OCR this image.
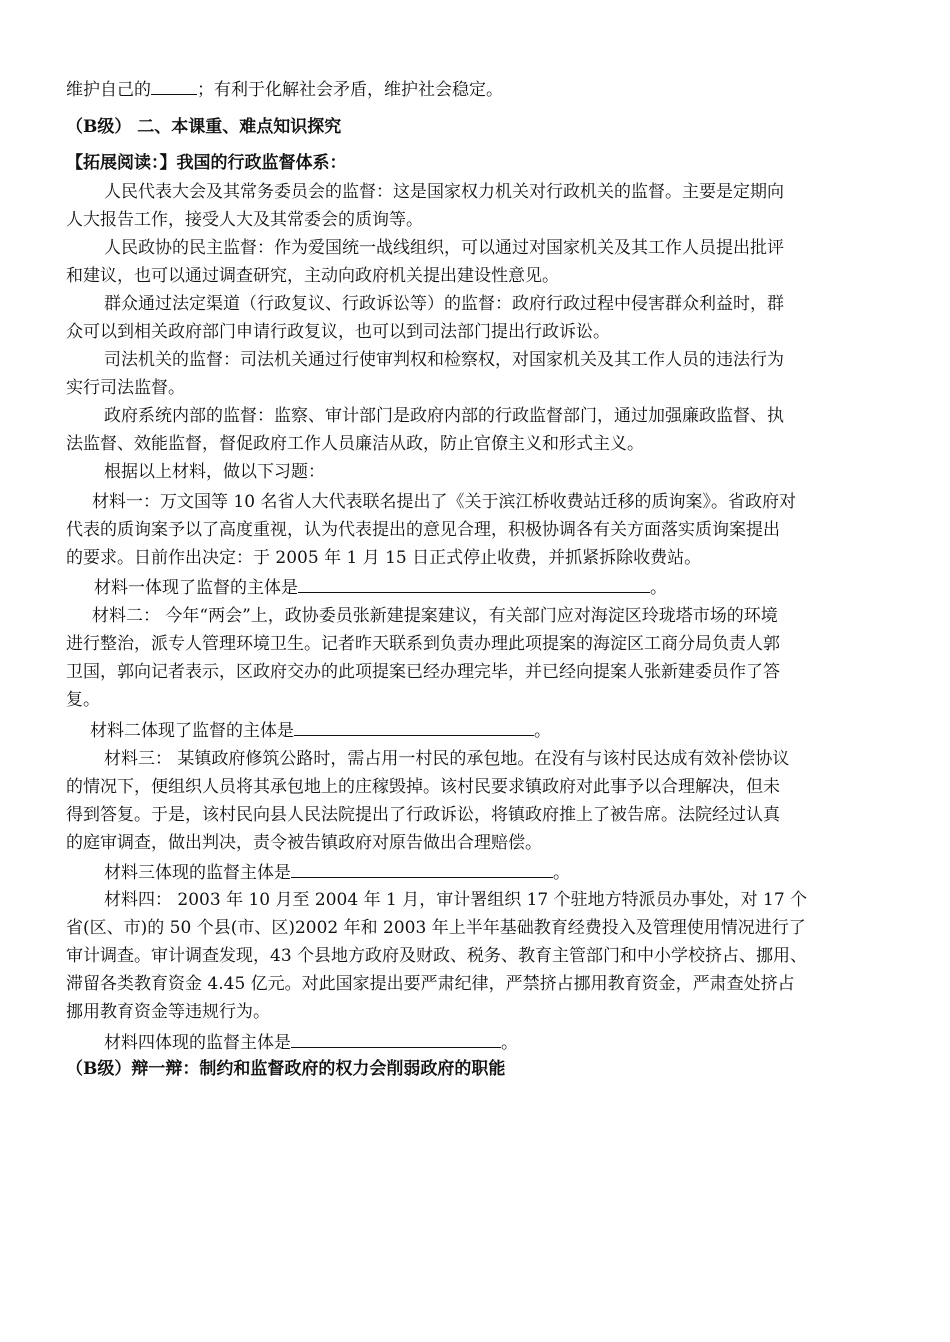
维护自己的	；有利于化解社会矛盾，维护社会稳定。
（B级） 二、本课重、难点知识探究
【拓展阅读：】我国的行政监督体系：
人民代表大会及其常务委员会的监督：这是国家权力机关对行政机关的监督。主要是定期向
人大报告工作，接受人大及其常委会的质询等。
人民政协的民主监督：作为爱国统一战线组织，可以通过对国家机关及其工作人员提出批评
和建议，也可以通过调查研究，主动向政府机关提出建设性意见。
群众通过法定渠道（行政复议、行政诉讼等）的监督：政府行政过程中侵害群众利益时，群
众可以到相关政府部门申请行政复议，也可以到司法部门提出行政诉讼。
司法机关的监督：司法机关通过行使审判权和检察权，对国家机关及其工作人员的违法行为
实行司法监督。
政府系统内部的监督：监察、审计部门是政府内部的行政监督部门，通过加强廉政监督、执
法监督、效能监督，督促政府工作人员廉洁从政，防止官僚主义和形式主义。
根据以上材料，做以下习题：
材料一：万文国等 10 名省人大代表联名提出了《关于滨江桥收费站迁移的质询案》。省政府对
代表的质询案予以了高度重视，认为代表提出的意见合理，积极协调各有关方面落实质询案提出
的要求。日前作出决定：于 2005 年 1 月 15 日正式停止收费，并抓紧拆除收费站。
材料一体现了监督的主体是	。
材料二： 今年“两会”上，政协委员张新建提案建议，有关部门应对海淀区玲珑塔市场的环境
进行整治，派专人管理环境卫生。记者昨天联系到负责办理此项提案的海淀区工商分局负责人郭
卫国，郭向记者表示，区政府交办的此项提案已经办理完毕，并已经向提案人张新建委员作了答
复。
材料二体现了监督的主体是	。
材料三： 某镇政府修筑公路时，需占用一村民的承包地。在没有与该村民达成有效补偿协议
的情况下，便组织人员将其承包地上的庄稼毁掉。该村民要求镇政府对此事予以合理解决，但未
得到答复。于是，该村民向县人民法院提出了行政诉讼，将镇政府推上了被告席。法院经过认真
的庭审调查，做出判决，责令被告镇政府对原告做出合理赔偿。
材料三体现的监督主体是	。
材料四： 2003 年 10 月至 2004 年 1 月，审计署组织 17 个驻地方特派员办事处，对 17 个
省(区、市)的 50 个县(市、区)2002 年和 2003 年上半年基础教育经费投入及管理使用情况进行了
审计调查。审计调查发现，43 个县地方政府及财政、税务、教育主管部门和中小学校挤占、挪用、
滞留各类教育资金 4.45 亿元。对此国家提出要严肃纪律，严禁挤占挪用教育资金，严肃查处挤占
挪用教育资金等违规行为。
材料四体现的监督主体是	。
（B级）辩一辩：制约和监督政府的权力会削弱政府的职能
